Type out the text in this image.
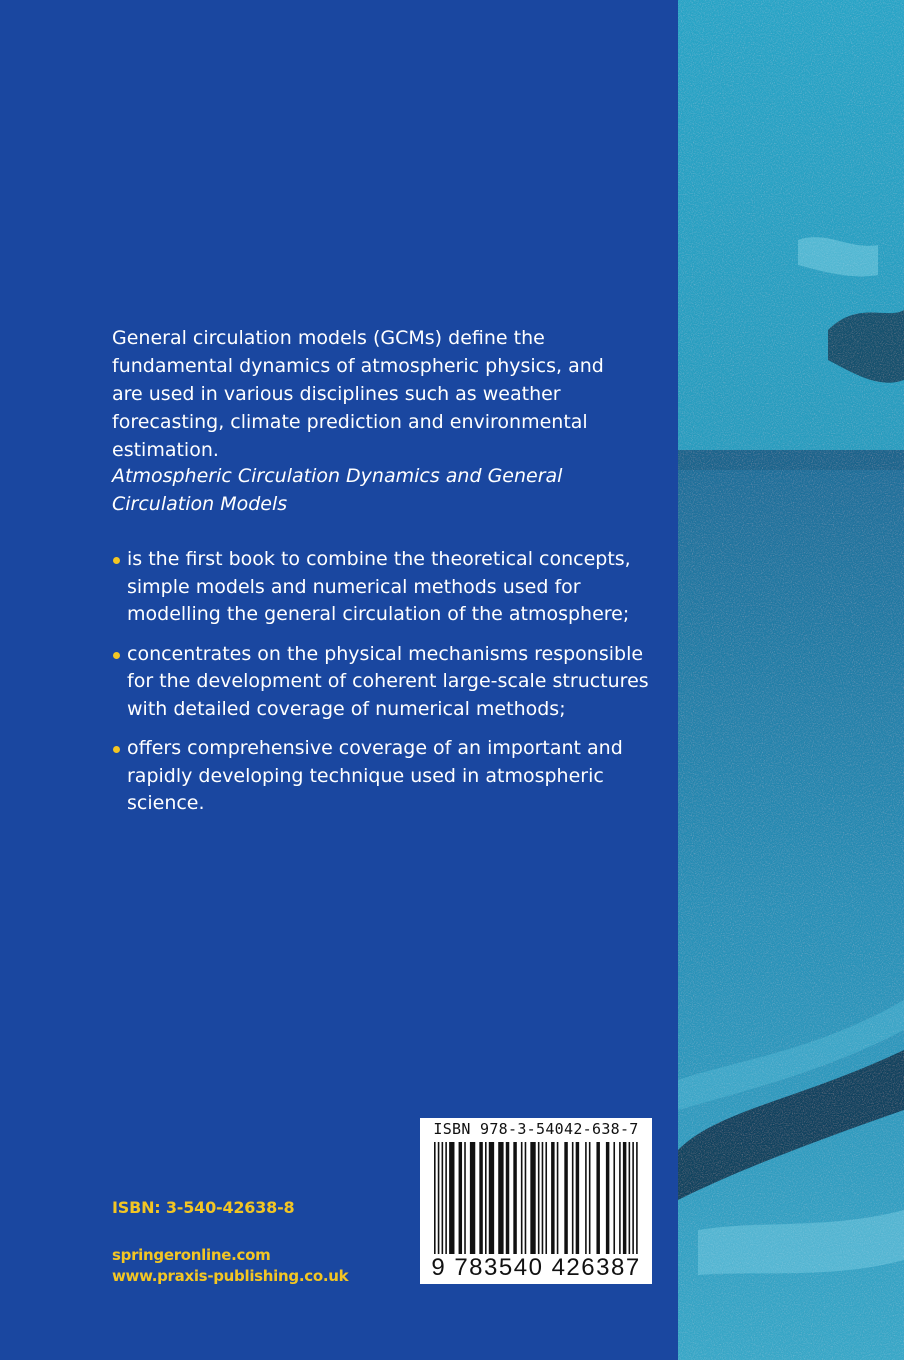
General circulation models (GCMs) define the fundamental dynamics of atmospheric physics, and are used in various disciplines such as weather forecasting, climate prediction and environmental estimation.

Atmospheric Circulation Dynamics and General Circulation Models

is the first book to combine the theoretical concepts, simple models and numerical methods used for modelling the general circulation of the atmosphere;
concentrates on the physical mechanisms responsible for the development of coherent large-scale structures with detailed coverage of numerical methods;
offers comprehensive coverage of an important and rapidly developing technique used in atmospheric science.
ISBN: 3-540-42638-8
springeronline.com
www.praxis-publishing.co.uk
ISBN 978-3-54042-638-7
9 783540 426387
